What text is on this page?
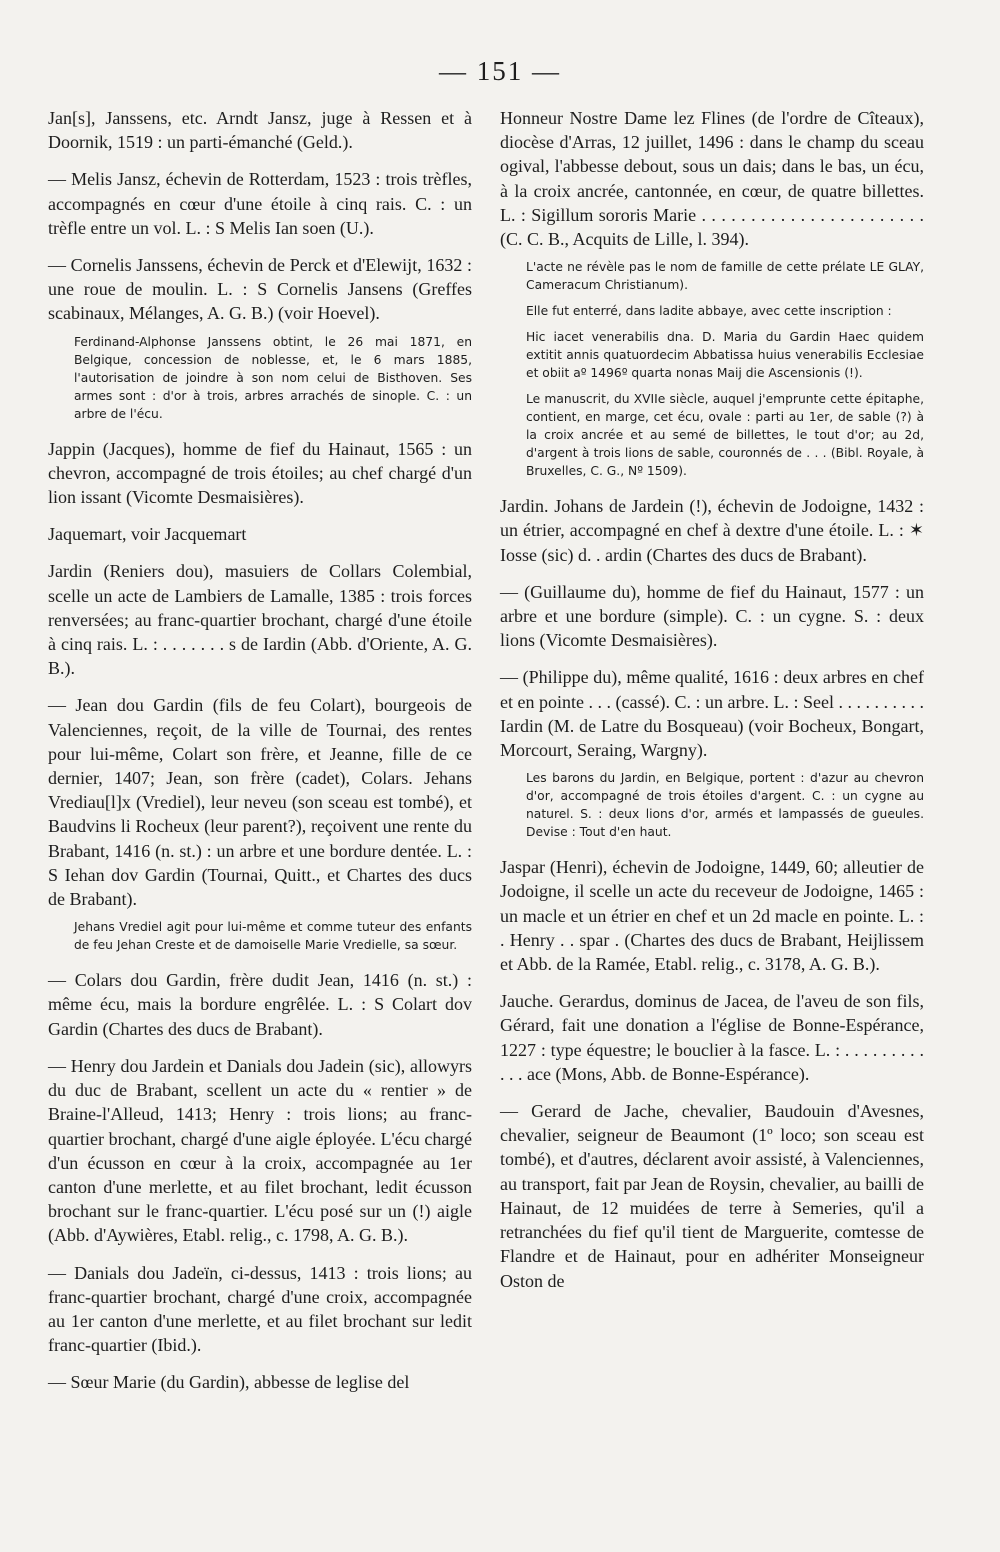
— 151 —

Jan[s], Janssens, etc. Arndt Jansz, juge à Ressen et à Doornik, 1519 : un parti-émanché (Geld.).

— Melis Jansz, échevin de Rotterdam, 1523 : trois trèfles, accompagnés en cœur d'une étoile à cinq rais. C. : un trèfle entre un vol. L. : S Melis Ian soen (U.).

— Cornelis Janssens, échevin de Perck et d'Elewijt, 1632 : une roue de moulin. L. : S Cornelis Jansens (Greffes scabinaux, Mélanges, A. G. B.) (voir Hoevel).

Ferdinand-Alphonse Janssens obtint, le 26 mai 1871, en Belgique, concession de noblesse, et, le 6 mars 1885, l'autorisation de joindre à son nom celui de Bisthoven. Ses armes sont : d'or à trois, arbres arrachés de sinople. C. : un arbre de l'écu.

Jappin (Jacques), homme de fief du Hainaut, 1565 : un chevron, accompagné de trois étoiles; au chef chargé d'un lion issant (Vicomte Desmaisières).

Jaquemart, voir Jacquemart

Jardin (Reniers dou), masuiers de Collars Colembial, scelle un acte de Lambiers de Lamalle, 1385 : trois forces renversées; au franc-quartier brochant, chargé d'une étoile à cinq rais. L. : . . . . . . . s de Iardin (Abb. d'Oriente, A. G. B.).

— Jean dou Gardin (fils de feu Colart), bourgeois de Valenciennes, reçoit, de la ville de Tournai, des rentes pour lui-même, Colart son frère, et Jeanne, fille de ce dernier, 1407; Jean, son frère (cadet), Colars. Jehans Vrediau[l]x (Vrediel), leur neveu (son sceau est tombé), et Baudvins li Rocheux (leur parent?), reçoivent une rente du Brabant, 1416 (n. st.) : un arbre et une bordure dentée. L. : S Iehan dov Gardin (Tournai, Quitt., et Chartes des ducs de Brabant).

Jehans Vrediel agit pour lui-même et comme tuteur des enfants de feu Jehan Creste et de damoiselle Marie Vredielle, sa sœur.

— Colars dou Gardin, frère dudit Jean, 1416 (n. st.) : même écu, mais la bordure engrêlée. L. : S Colart dov Gardin (Chartes des ducs de Brabant).

— Henry dou Jardein et Danials dou Jadein (sic), allowyrs du duc de Brabant, scellent un acte du « rentier » de Braine-l'Alleud, 1413; Henry : trois lions; au franc-quartier brochant, chargé d'une aigle éployée. L'écu chargé d'un écusson en cœur à la croix, accompagnée au 1er canton d'une merlette, et au filet brochant, ledit écusson brochant sur le franc-quartier. L'écu posé sur un (!) aigle (Abb. d'Aywières, Etabl. relig., c. 1798, A. G. B.).

— Danials dou Jadeïn, ci-dessus, 1413 : trois lions; au franc-quartier brochant, chargé d'une croix, accompagnée au 1er canton d'une merlette, et au filet brochant sur ledit franc-quartier (Ibid.).

— Sœur Marie (du Gardin), abbesse de leglise del

Honneur Nostre Dame lez Flines (de l'ordre de Cîteaux), diocèse d'Arras, 12 juillet, 1496 : dans le champ du sceau ogival, l'abbesse debout, sous un dais; dans le bas, un écu, à la croix ancrée, cantonnée, en cœur, de quatre billettes. L. : Sigillum sororis Marie . . . . . . . . . . . . . . . . . . . . . . . (C. C. B., Acquits de Lille, l. 394).

L'acte ne révèle pas le nom de famille de cette prélate LE GLAY, Cameracum Christianum).

Elle fut enterré, dans ladite abbaye, avec cette inscription :

Hic iacet venerabilis dna. D. Maria du Gardin Haec quidem extitit annis quatuordecim Abbatissa huius venerabilis Ecclesiae et obiit aº 1496º quarta nonas Maij die Ascensionis (!).

Le manuscrit, du XVIIe siècle, auquel j'emprunte cette épitaphe, contient, en marge, cet écu, ovale : parti au 1er, de sable (?) à la croix ancrée et au semé de billettes, le tout d'or; au 2d, d'argent à trois lions de sable, couronnés de . . . (Bibl. Royale, à Bruxelles, C. G., Nº 1509).

Jardin. Johans de Jardein (!), échevin de Jodoigne, 1432 : un étrier, accompagné en chef à dextre d'une étoile. L. : ✶ Iosse (sic) d. . ardin (Chartes des ducs de Brabant).

— (Guillaume du), homme de fief du Hainaut, 1577 : un arbre et une bordure (simple). C. : un cygne. S. : deux lions (Vicomte Desmaisières).

— (Philippe du), même qualité, 1616 : deux arbres en chef et en pointe . . . (cassé). C. : un arbre. L. : Seel . . . . . . . . . . Iardin (M. de Latre du Bosqueau) (voir Bocheux, Bongart, Morcourt, Seraing, Wargny).

Les barons du Jardin, en Belgique, portent : d'azur au chevron d'or, accompagné de trois étoiles d'argent. C. : un cygne au naturel. S. : deux lions d'or, armés et lampassés de gueules. Devise : Tout d'en haut.

Jaspar (Henri), échevin de Jodoigne, 1449, 60; alleutier de Jodoigne, il scelle un acte du receveur de Jodoigne, 1465 : un macle et un étrier en chef et un 2d macle en pointe. L. : . Henry . . spar . (Chartes des ducs de Brabant, Heijlissem et Abb. de la Ramée, Etabl. relig., c. 3178, A. G. B.).

Jauche. Gerardus, dominus de Jacea, de l'aveu de son fils, Gérard, fait une donation a l'église de Bonne-Espérance, 1227 : type équestre; le bouclier à la fasce. L. : . . . . . . . . . . . . ace (Mons, Abb. de Bonne-Espérance).

— Gerard de Jache, chevalier, Baudouin d'Avesnes, chevalier, seigneur de Beaumont (1º loco; son sceau est tombé), et d'autres, déclarent avoir assisté, à Valenciennes, au transport, fait par Jean de Roysin, chevalier, au bailli de Hainaut, de 12 muidées de terre à Semeries, qu'il a retranchées du fief qu'il tient de Marguerite, comtesse de Flandre et de Hainaut, pour en adhériter Monseigneur Oston de
